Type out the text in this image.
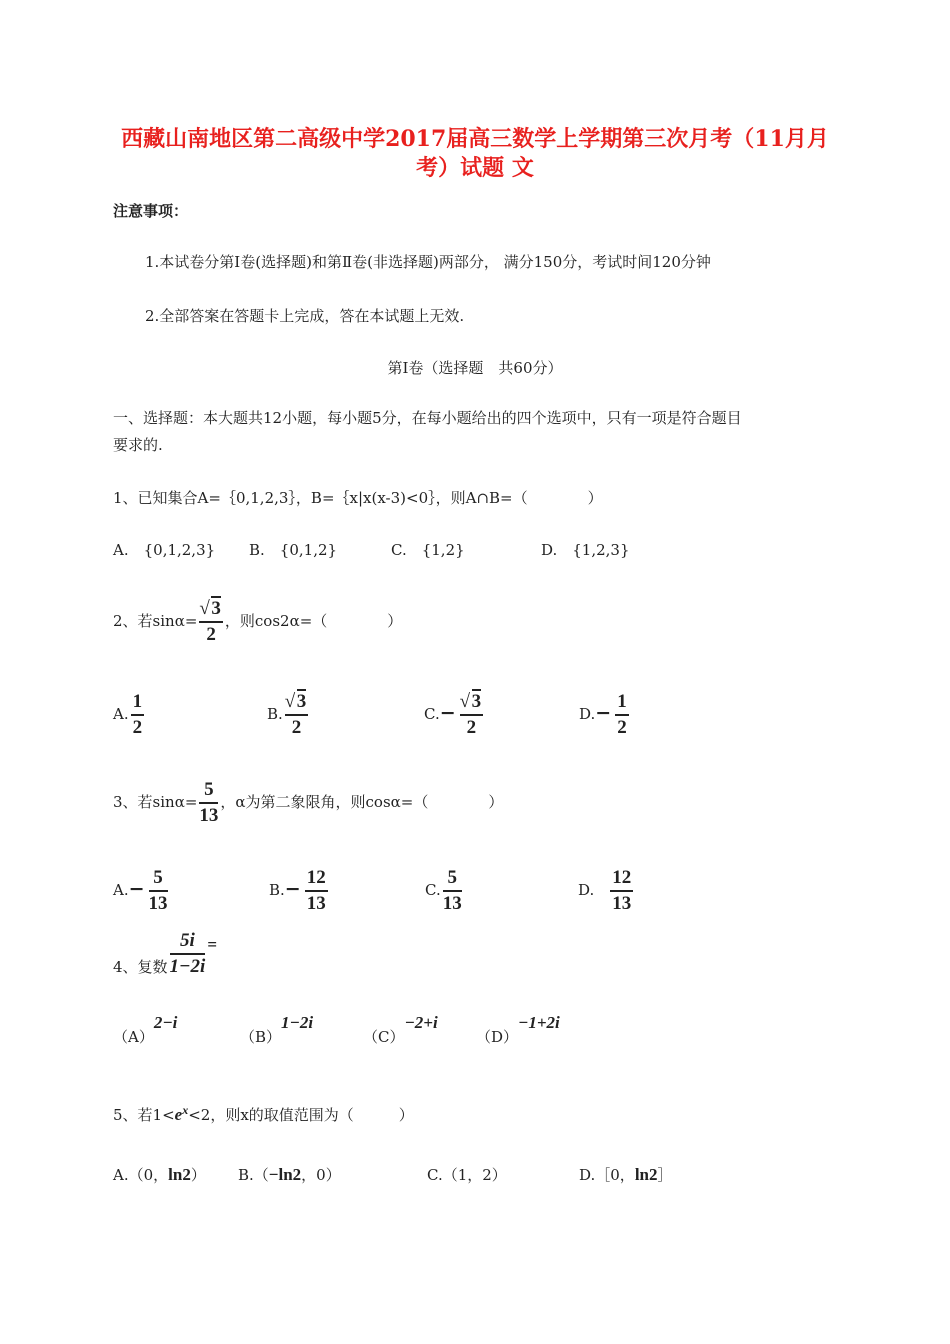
西藏山南地区第二高级中学2017届高三数学上学期第三次月考（11月月
考）试题 文
注意事项：
1.本试卷分第Ⅰ卷(选择题)和第Ⅱ卷(非选择题)两部分， 满分150分，考试时间120分钟
2.全部答案在答题卡上完成，答在本试题上无效.
第Ⅰ卷（选择题　共60分）
一、选择题：本大题共12小题，每小题5分，在每小题给出的四个选项中，只有一项是符合题目
要求的.
1、已知集合A=｛0,1,2,3｝，B=｛x|x(x-3)<0｝，则A∩B=（　　　　）
A.　{0,1,2,3} B.　{0,1,2}	C.　{1,2}	D.　{1,2,3}
2、若sinα= √ $\frac{3}{2}$ ，则cos2α=（　　　　）
A. $\frac{1}{2}$	B. √ $\frac{3}{2}$	C.− √ $\frac{3}{2}$	$D.- \frac{1}{2}$
3、若$\sin\alpha= \frac{5}{13}$ ，α为第二象限角，则cosα=（　　　　）
$A.- \frac{5}{13}$	$B.- \frac{12}{13}$	C. $\frac{5}{13}$	D. $\frac{12}{13}$
4、复数 $\frac{5i}{1-2i}$ =
（A）2−i
（B）1−2i
（C）−2+i
（D）−1+2i
5、若$1<e^x<2$，则x的取值范围为（　　　）
A.（0，ln2） B.（−ln2，0）	C.（1，2）	D.［0，ln2］
